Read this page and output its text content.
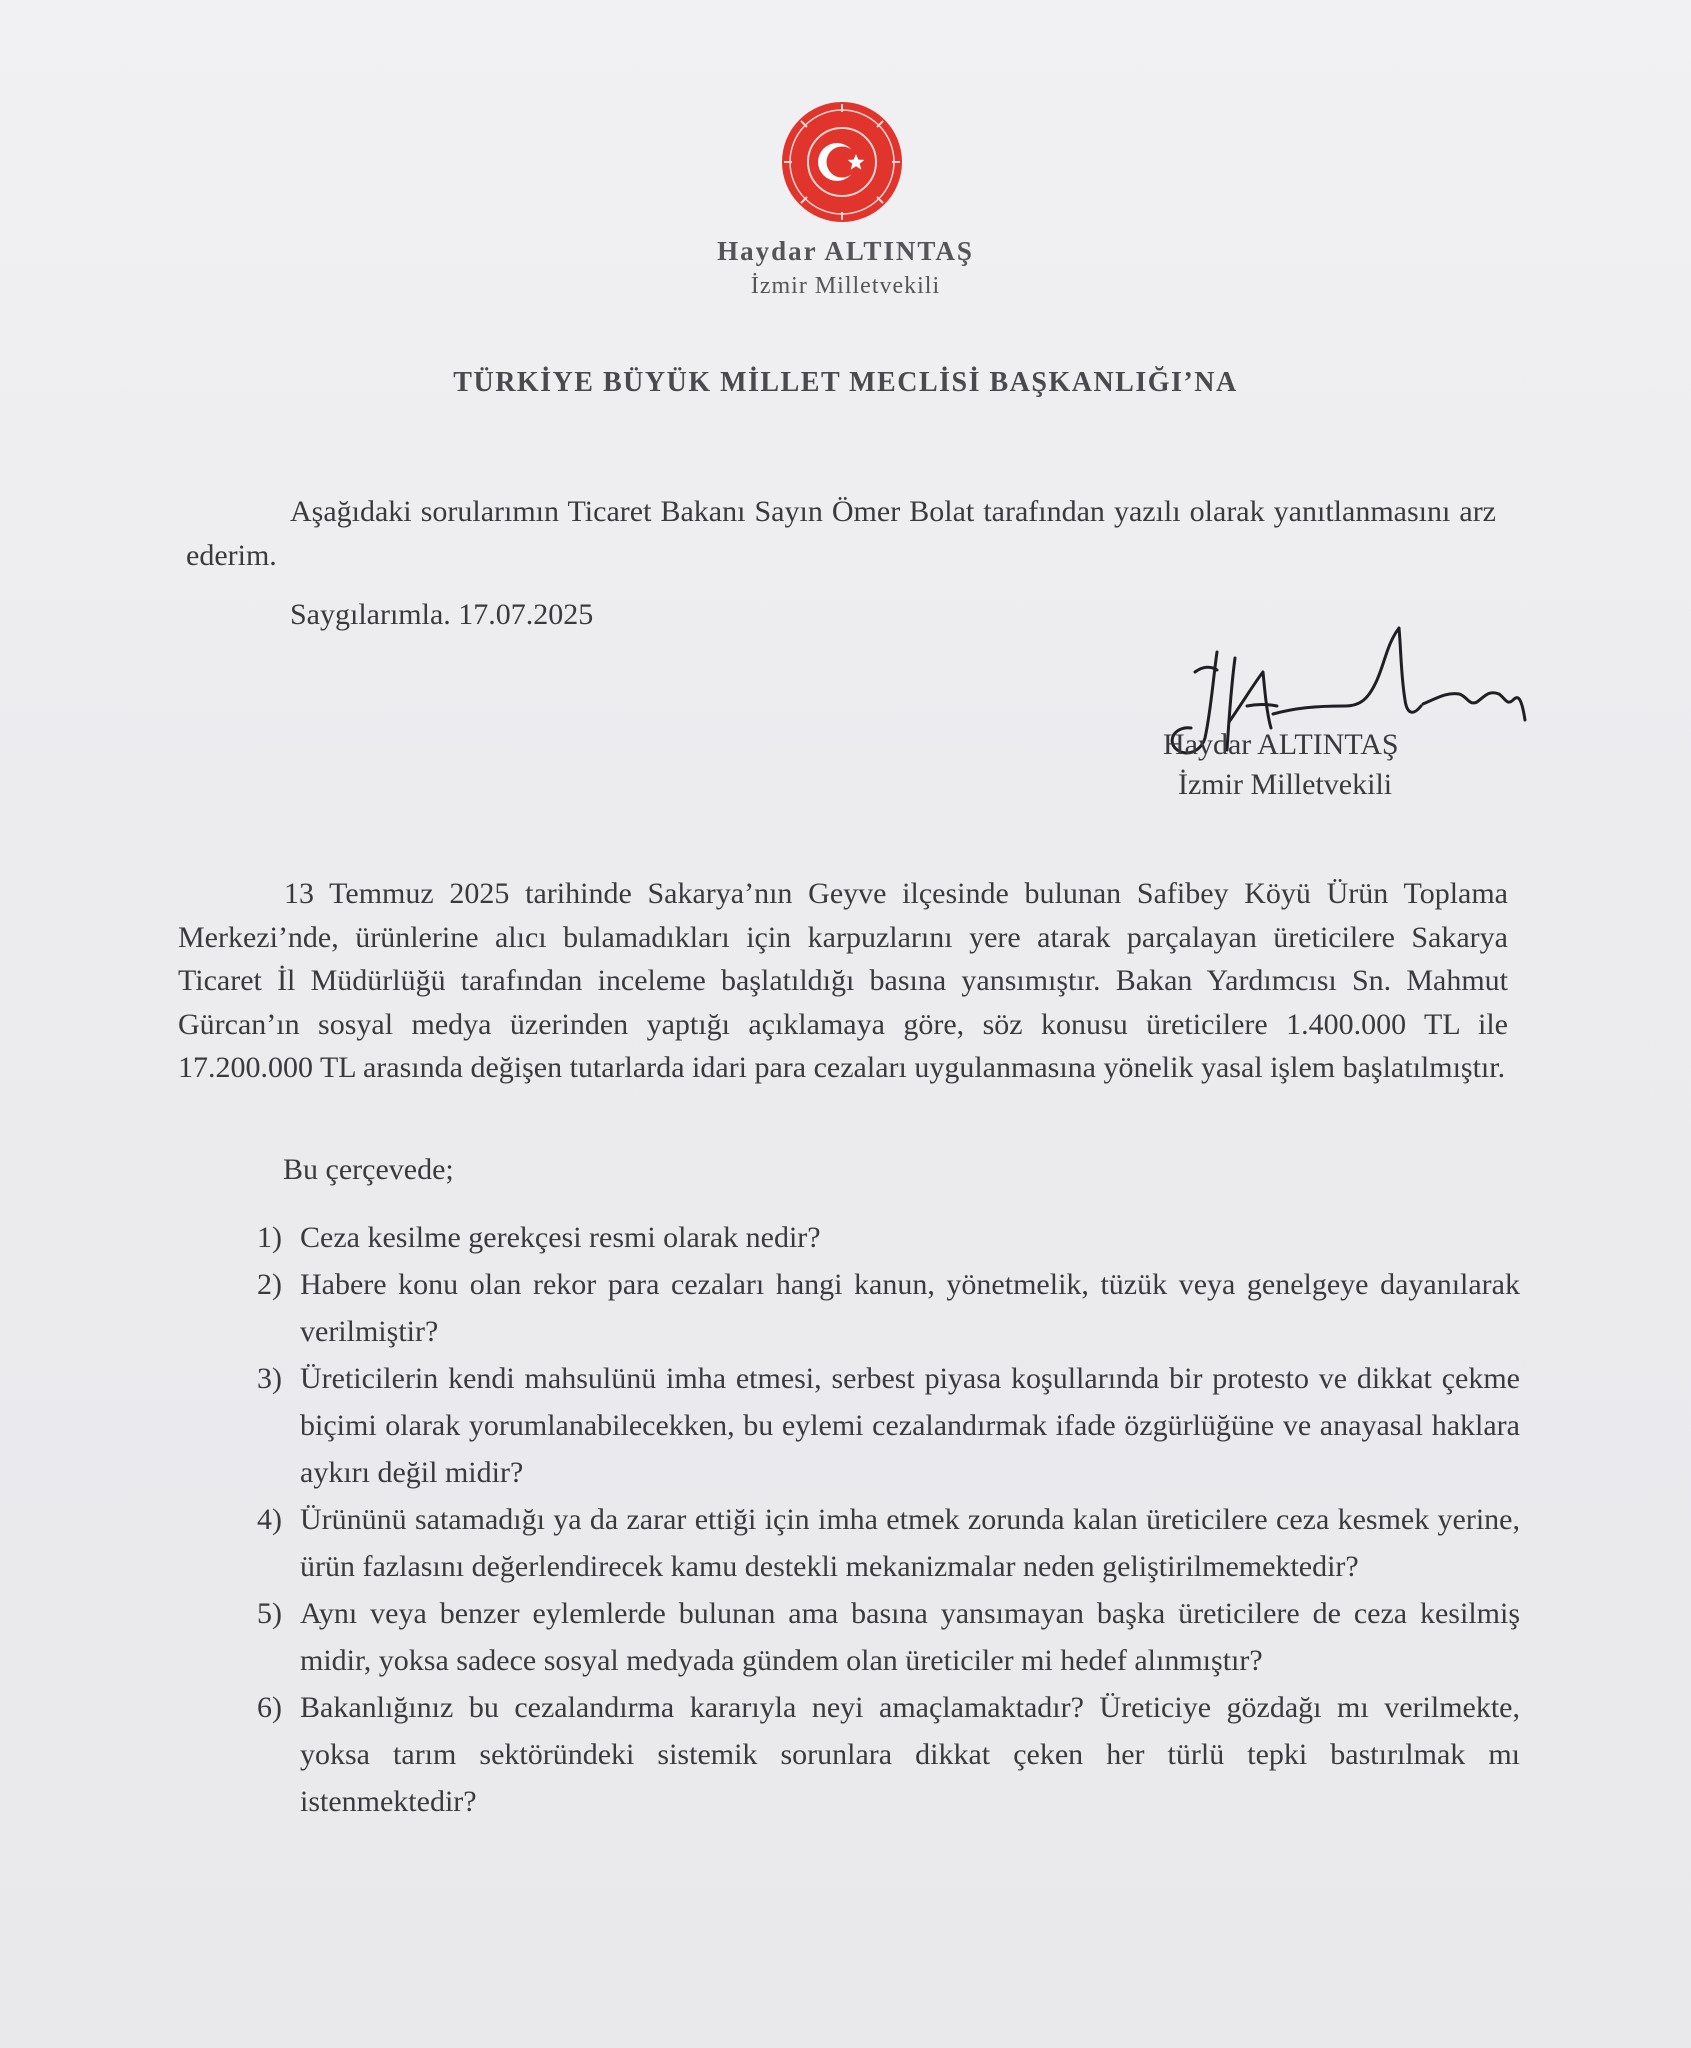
Haydar ALTINTAŞ
İzmir Milletvekili
TÜRKİYE BÜYÜK MİLLET MECLİSİ BAŞKANLIĞI’NA

Aşağıdaki sorularımın Ticaret Bakanı Sayın Ömer Bolat tarafından yazılı olarak yanıtlanmasını arz ederim.

Saygılarımla. 17.07.2025

Haydar ALTINTAŞ

İzmir Milletvekili

13 Temmuz 2025 tarihinde Sakarya’nın Geyve ilçesinde bulunan Safibey Köyü Ürün Toplama Merkezi’nde, ürünlerine alıcı bulamadıkları için karpuzlarını yere atarak parçalayan üreticilere Sakarya Ticaret İl Müdürlüğü tarafından inceleme başlatıldığı basına yansımıştır. Bakan Yardımcısı Sn. Mahmut Gürcan’ın sosyal medya üzerinden yaptığı açıklamaya göre, söz konusu üreticilere 1.400.000 TL ile 17.200.000 TL arasında değişen tutarlarda idari para cezaları uygulanmasına yönelik yasal işlem başlatılmıştır.

Bu çerçevede;

1) Ceza kesilme gerekçesi resmi olarak nedir?
2) Habere konu olan rekor para cezaları hangi kanun, yönetmelik, tüzük veya genelgeye dayanılarak verilmiştir?
3) Üreticilerin kendi mahsulünü imha etmesi, serbest piyasa koşullarında bir protesto ve dikkat çekme biçimi olarak yorumlanabilecekken, bu eylemi cezalandırmak ifade özgürlüğüne ve anayasal haklara aykırı değil midir?
4) Ürününü satamadığı ya da zarar ettiği için imha etmek zorunda kalan üreticilere ceza kesmek yerine, ürün fazlasını değerlendirecek kamu destekli mekanizmalar neden geliştirilmemektedir?
5) Aynı veya benzer eylemlerde bulunan ama basına yansımayan başka üreticilere de ceza kesilmiş midir, yoksa sadece sosyal medyada gündem olan üreticiler mi hedef alınmıştır?
6) Bakanlığınız bu cezalandırma kararıyla neyi amaçlamaktadır? Üreticiye gözdağı mı verilmekte, yoksa tarım sektöründeki sistemik sorunlara dikkat çeken her türlü tepki bastırılmak mı istenmektedir?
